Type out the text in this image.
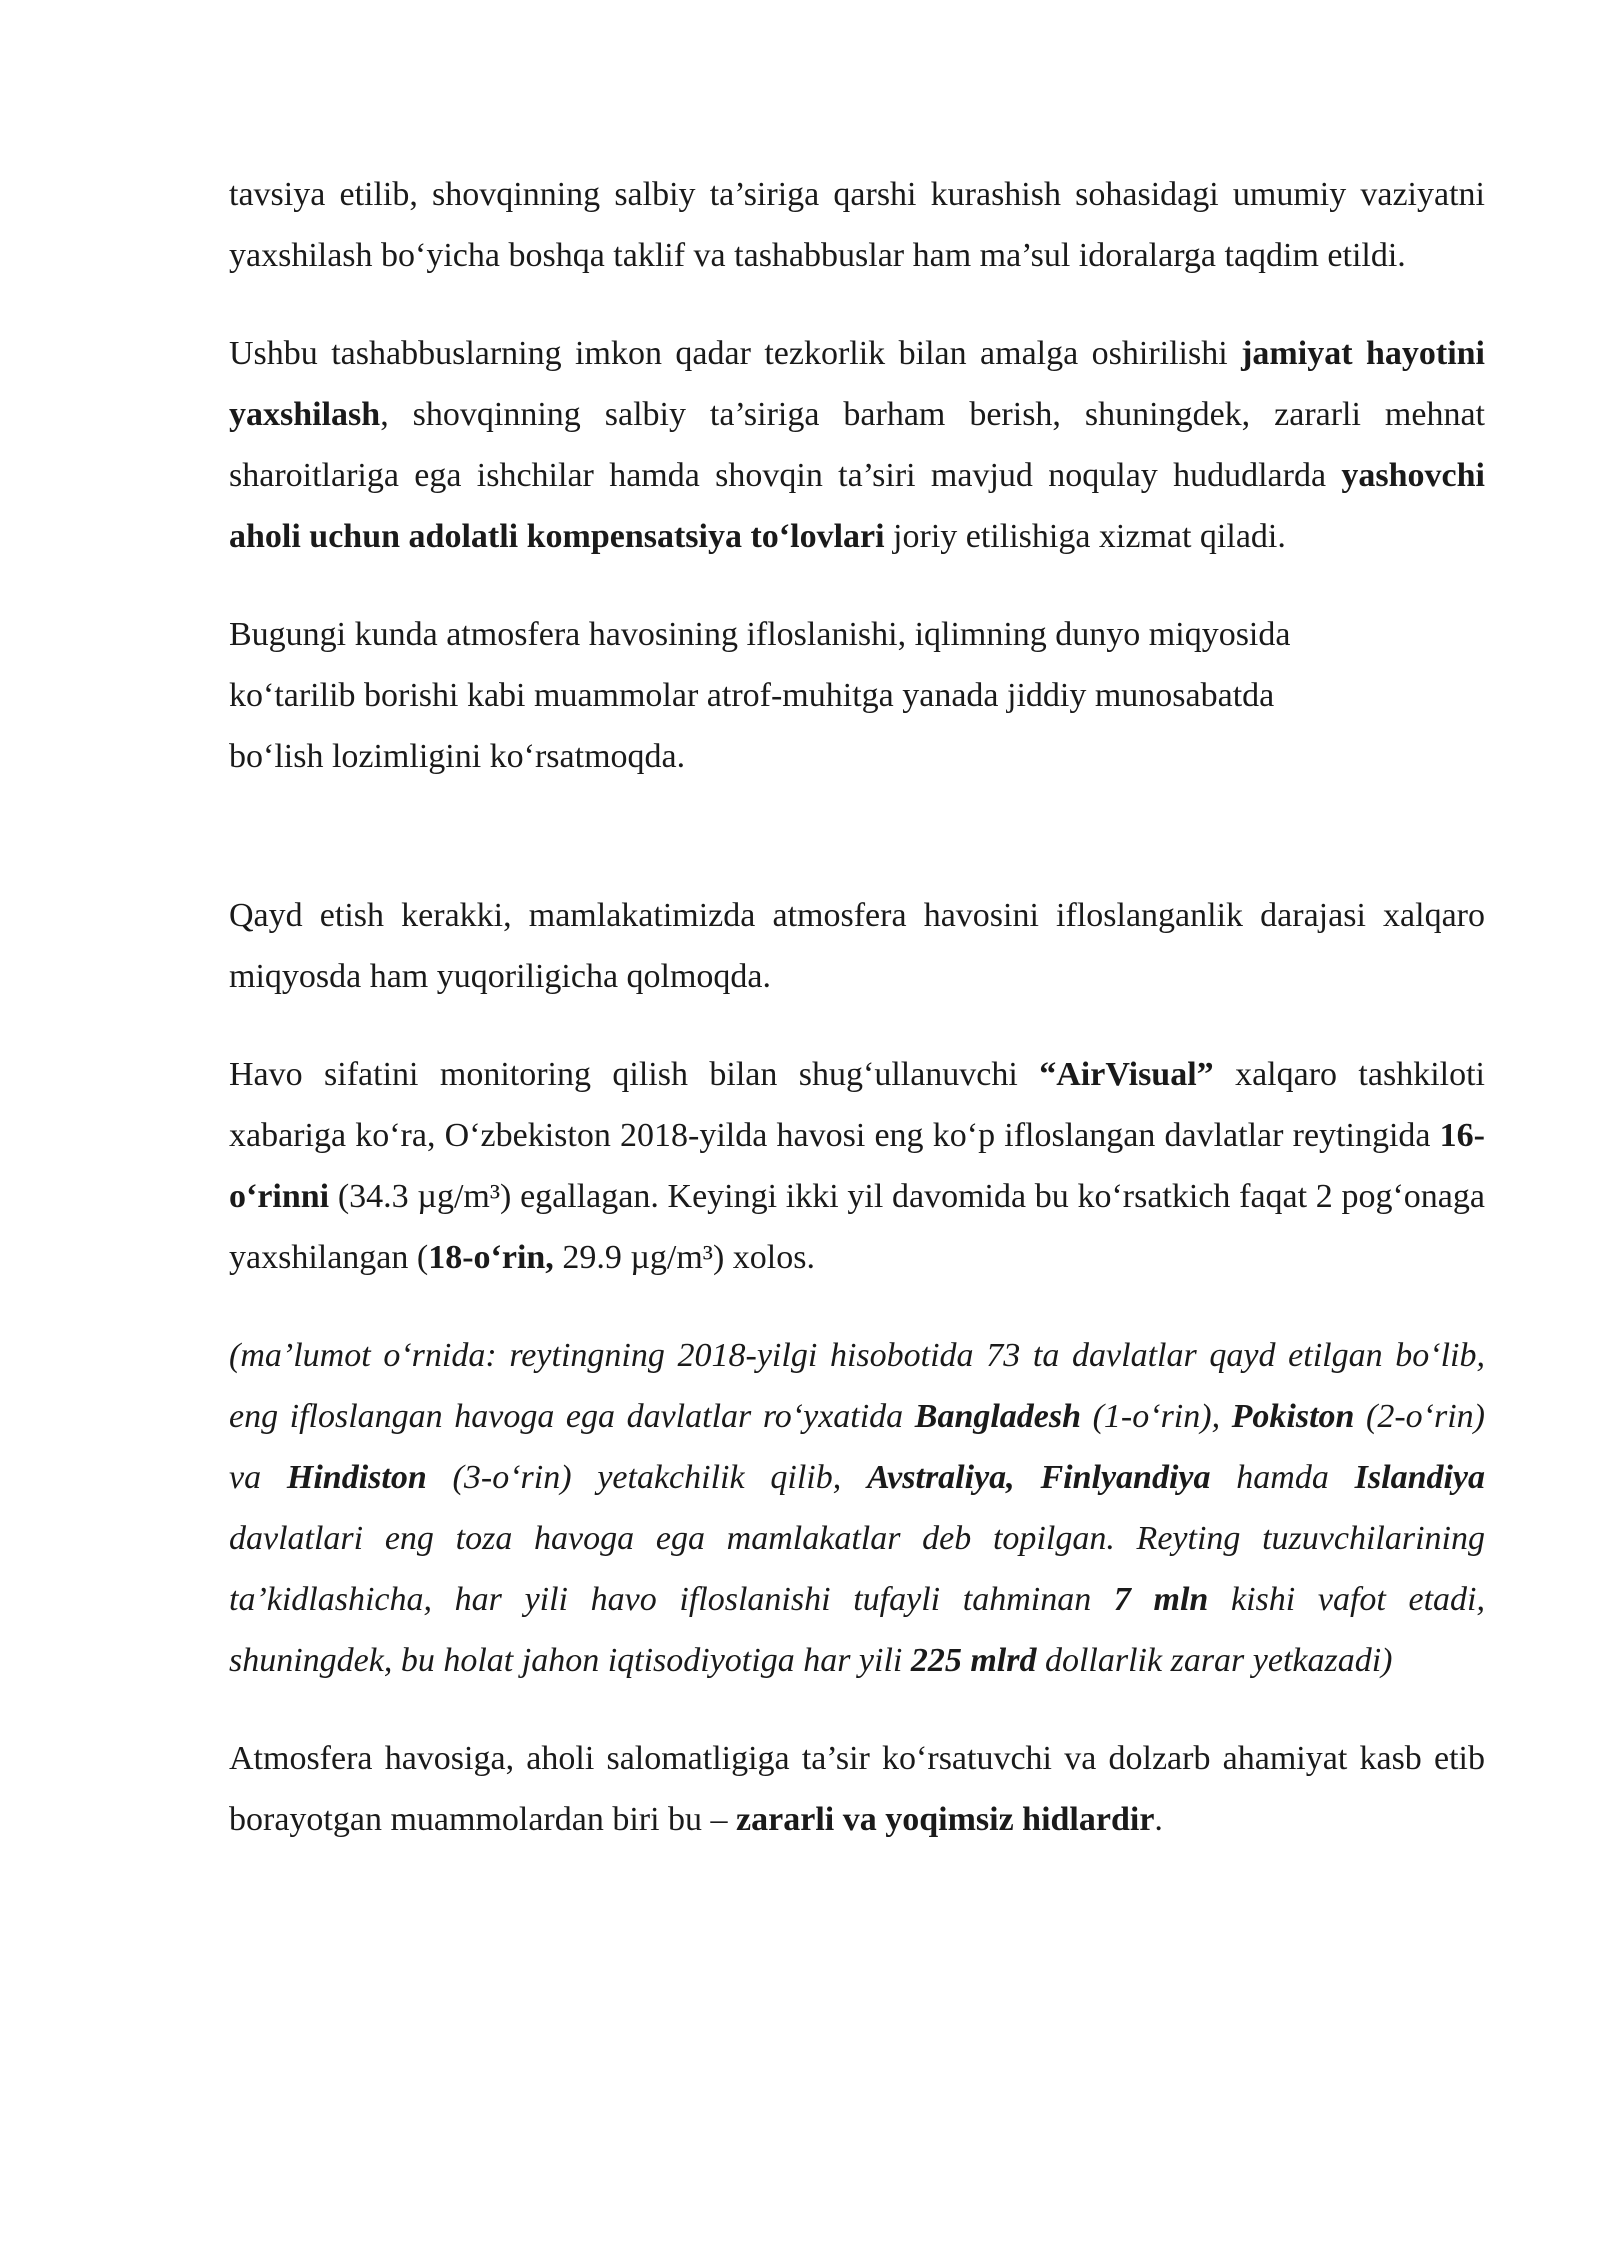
tavsiya etilib, shovqinning salbiy ta’siriga qarshi kurashish sohasidagi umumiy vaziyatni yaxshilash bo‘yicha boshqa taklif va tashabbuslar ham ma’sul idoralarga taqdim etildi.

Ushbu tashabbuslarning imkon qadar tezkorlik bilan amalga oshirilishi jamiyat hayotini yaxshilash, shovqinning salbiy ta’siriga barham berish, shuningdek, zararli mehnat sharoitlariga ega ishchilar hamda shovqin ta’siri mavjud noqulay hududlarda yashovchi aholi uchun adolatli kompensatsiya to‘lovlari joriy etilishiga xizmat qiladi.

Bugungi kunda atmosfera havosining ifloslanishi, iqlimning dunyo miqyosida
ko‘tarilib borishi kabi muammolar atrof-muhitga yanada jiddiy munosabatda
bo‘lish lozimligini ko‘rsatmoqda.

Qayd etish kerakki, mamlakatimizda atmosfera havosini ifloslanganlik darajasi xalqaro miqyosda ham yuqoriligicha qolmoqda.

Havo sifatini monitoring qilish bilan shug‘ullanuvchi “AirVisual” xalqaro tashkiloti xabariga ko‘ra, O‘zbekiston 2018-yilda havosi eng ko‘p ifloslangan davlatlar reytingida 16-o‘rinni (34.3 µg/m³) egallagan. Keyingi ikki yil davomida bu ko‘rsatkich faqat 2 pog‘onaga yaxshilangan (18-o‘rin, 29.9 µg/m³) xolos.

(ma’lumot o‘rnida: reytingning 2018-yilgi hisobotida 73 ta davlatlar qayd etilgan bo‘lib, eng ifloslangan havoga ega davlatlar ro‘yxatida Bangladesh (1-o‘rin), Pokiston (2-o‘rin) va Hindiston (3-o‘rin) yetakchilik qilib, Avstraliya, Finlyandiya hamda Islandiya davlatlari eng toza havoga ega mamlakatlar deb topilgan. Reyting tuzuvchilarining ta’kidlashicha, har yili havo ifloslanishi tufayli tahminan 7 mln kishi vafot etadi, shuningdek, bu holat jahon iqtisodiyotiga har yili 225 mlrd dollarlik zarar yetkazadi)

Atmosfera havosiga, aholi salomatligiga ta’sir ko‘rsatuvchi va dolzarb ahamiyat kasb etib borayotgan muammolardan biri bu – zararli va yoqimsiz hidlardir.
